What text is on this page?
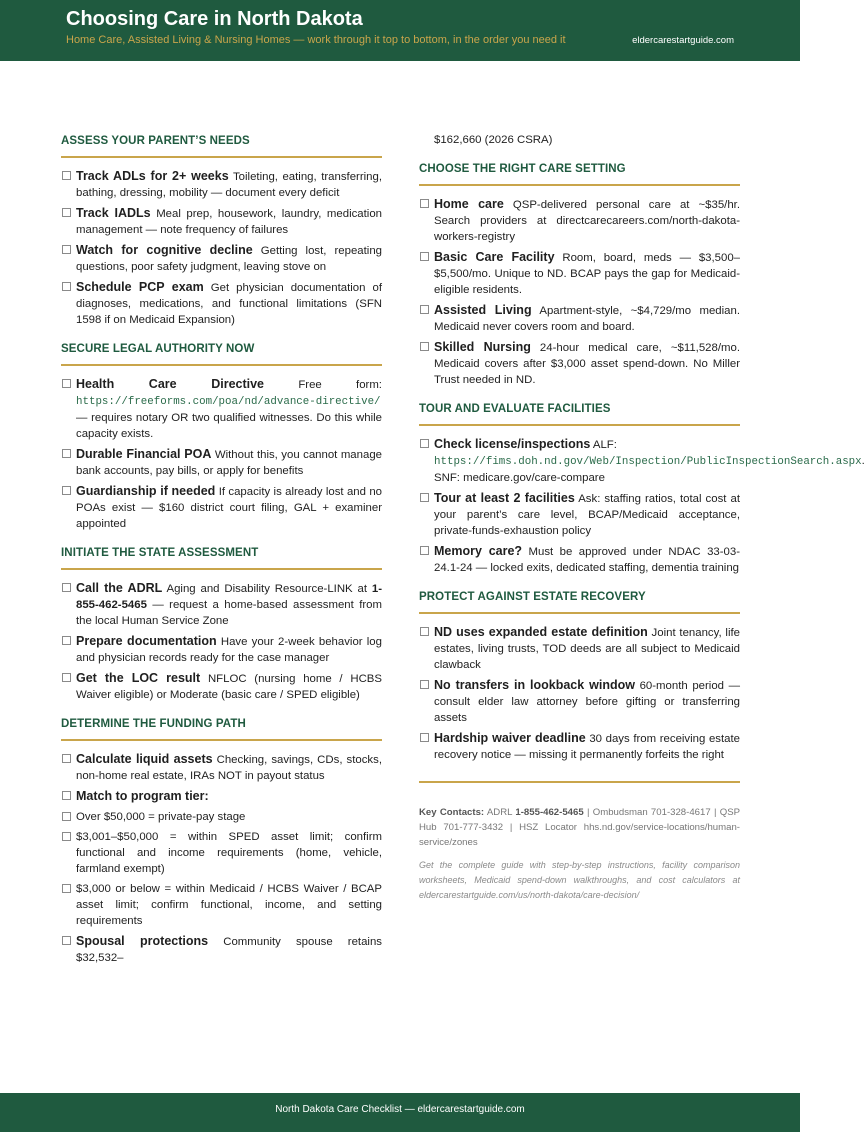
Choosing Care in North Dakota
Home Care, Assisted Living & Nursing Homes — work through it top to bottom, in the order you need it	eldercarestartguide.com
ASSESS YOUR PARENT’S NEEDS
Track ADLs for 2+ weeks Toileting, eating, transferring, bathing, dressing, mobility — document every deficit
Track IADLs Meal prep, housework, laundry, medication management — note frequency of failures
Watch for cognitive decline Getting lost, repeating questions, poor safety judgment, leaving stove on
Schedule PCP exam Get physician documentation of diagnoses, medications, and functional limitations (SFN 1598 if on Medicaid Expansion)
SECURE LEGAL AUTHORITY NOW
Health Care Directive	Free form: https://freeforms.com/poa/nd/advance-directive/ — requires notary OR two qualified witnesses. Do this while capacity exists.
Durable Financial POA Without this, you cannot manage bank accounts, pay bills, or apply for benefits
Guardianship if needed If capacity is already lost and no POAs exist — $160 district court filing, GAL + examiner appointed
INITIATE THE STATE ASSESSMENT
Call the ADRL Aging and Disability Resource-LINK at 1-855-462-5465 — request a home-based assessment from the local Human Service Zone
Prepare documentation Have your 2-week behavior log and physician records ready for the case manager
Get the LOC result NFLOC (nursing home / HCBS Waiver eligible) or Moderate (basic care / SPED eligible)
DETERMINE THE FUNDING PATH
Calculate liquid assets Checking, savings, CDs, stocks, non-home real estate, IRAs NOT in payout status
Match to program tier:
Over $50,000 = private-pay stage
$3,001–$50,000 = within SPED asset limit; confirm functional and income requirements (home, vehicle, farmland exempt)
$3,000 or below = within Medicaid / HCBS Waiver / BCAP asset limit; confirm functional, income, and setting requirements
Spousal protections Community spouse retains $32,532–
$162,660 (2026 CSRA)
CHOOSE THE RIGHT CARE SETTING
Home care QSP-delivered personal care at ~$35/hr. Search providers at directcarecareers.com/north-dakota-workers-registry
Basic Care Facility Room, board, meds — $3,500–$5,500/mo. Unique to ND. BCAP pays the gap for Medicaid-eligible residents.
Assisted Living Apartment-style, ~$4,729/mo median. Medicaid never covers room and board.
Skilled Nursing 24-hour medical care, ~$11,528/mo. Medicaid covers after $3,000 asset spend-down. No Miller Trust needed in ND.
TOUR AND EVALUATE FACILITIES
Check license/inspections ALF: https://fims.doh.nd.gov/Web/Inspection/PublicInspectionSearch.aspx. SNF: medicare.gov/care-compare
Tour at least 2 facilities Ask: staffing ratios, total cost at your parent’s care level, BCAP/Medicaid acceptance, private-funds-exhaustion policy
Memory care? Must be approved under NDAC 33-03-24.1-24 — locked exits, dedicated staffing, dementia training
PROTECT AGAINST ESTATE RECOVERY
ND uses expanded estate definition Joint tenancy, life estates, living trusts, TOD deeds are all subject to Medicaid clawback
No transfers in lookback window 60-month period — consult elder law attorney before gifting or transferring assets
Hardship waiver deadline 30 days from receiving estate recovery notice — missing it permanently forfeits the right
Key Contacts: ADRL 1-855-462-5465 | Ombudsman 701-328-4617 | QSP Hub 701-777-3432 | HSZ Locator hhs.nd.gov/service-locations/human-service/zones
Get the complete guide with step-by-step instructions, facility comparison worksheets, Medicaid spend-down walkthroughs, and cost calculators at eldercarestartguide.com/us/north-dakota/care-decision/
North Dakota Care Checklist — eldercarestartguide.com
